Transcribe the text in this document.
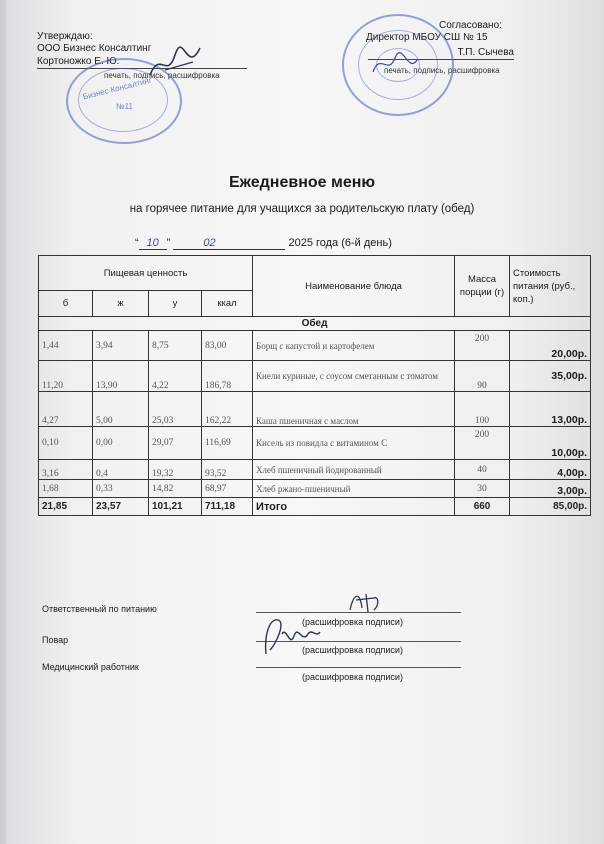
Утверждаю:
ООО Бизнес Консалтинг
Кортоножко Е. Ю.
печать, подпись, расшифровка
Бизнес Консалтинг
№11
Согласовано:
Директор МБОУ СШ № 15
Т.П. Сычева
печать, подпись, расшифровка
Ежедневное меню
на горячее питание для учащихся за родительскую плату (обед)
“ 10 ”	02	2025 года (6-й день)
Пищевая ценность				Наименование блюда	Масса порции (г)	Стоимость питания (руб., коп.)
б	ж	у	ккал			
Обед						
1,44	3,94	8,75	83,00	Борщ с капустой и картофелем	200	20,00р.
11,20	13,90	4,22	186,78	Кнели куриные, с соусом сметанным с томатом	90	35,00р.
4,27	5,00	25,03	162,22	Каша пшеничная с маслом	100	13,00р.
0,10	0,00	29,07	116,69	Кисель из повидла с витамином С	200	10,00р.
3,16	0,4	19,32	93,52	Хлеб пшеничный йодированный	40	4,00р.
1,68	0,33	14,82	68,97	Хлеб ржано-пшеничный	30	3,00р.
21,85	23,57	101,21	711,18	Итого	660	85,00р.
Ответственный по питанию
(расшифровка подписи)
Повар
(расшифровка подписи)
Медицинский работник
(расшифровка подписи)
